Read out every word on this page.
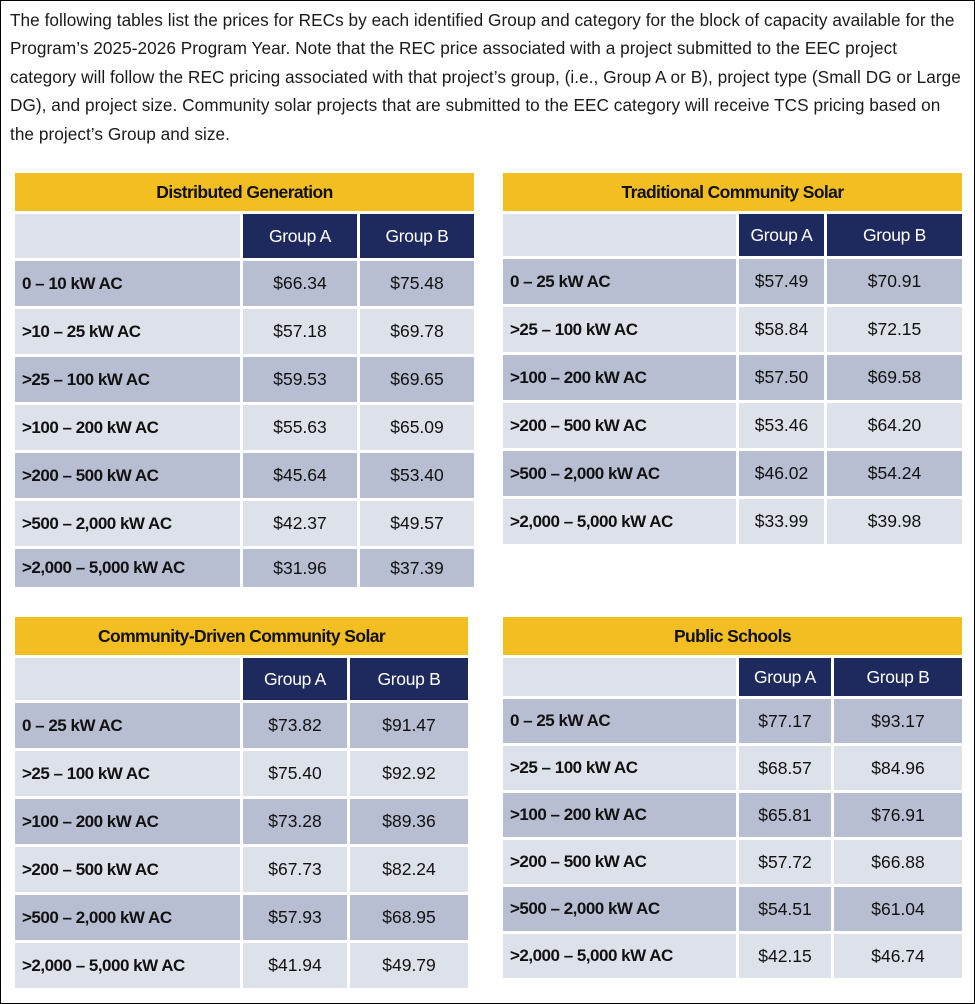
The following tables list the prices for RECs by each identified Group and category for the block of capacity available for the Program’s 2025-2026 Program Year. Note that the REC price associated with a project submitted to the EEC project category will follow the REC pricing associated with that project’s group, (i.e., Group A or B), project type (Small DG or Large DG), and project size. Community solar projects that are submitted to the EEC category will receive TCS pricing based on the project’s Group and size.

Distributed Generation		
	Group A	Group B
0 – 10 kW AC	$66.34	$75.48
>10 – 25 kW AC	$57.18	$69.78
>25 – 100 kW AC	$59.53	$69.65
>100 – 200 kW AC	$55.63	$65.09
>200 – 500 kW AC	$45.64	$53.40
>500 – 2,000 kW AC	$42.37	$49.57
>2,000 – 5,000 kW AC	$31.96	$37.39
Traditional Community Solar		
	Group A	Group B
0 – 25 kW AC	$57.49	$70.91
>25 – 100 kW AC	$58.84	$72.15
>100 – 200 kW AC	$57.50	$69.58
>200 – 500 kW AC	$53.46	$64.20
>500 – 2,000 kW AC	$46.02	$54.24
>2,000 – 5,000 kW AC	$33.99	$39.98
Community-Driven Community Solar		
	Group A	Group B
0 – 25 kW AC	$73.82	$91.47
>25 – 100 kW AC	$75.40	$92.92
>100 – 200 kW AC	$73.28	$89.36
>200 – 500 kW AC	$67.73	$82.24
>500 – 2,000 kW AC	$57.93	$68.95
>2,000 – 5,000 kW AC	$41.94	$49.79
Public Schools		
	Group A	Group B
0 – 25 kW AC	$77.17	$93.17
>25 – 100 kW AC	$68.57	$84.96
>100 – 200 kW AC	$65.81	$76.91
>200 – 500 kW AC	$57.72	$66.88
>500 – 2,000 kW AC	$54.51	$61.04
>2,000 – 5,000 kW AC	$42.15	$46.74
